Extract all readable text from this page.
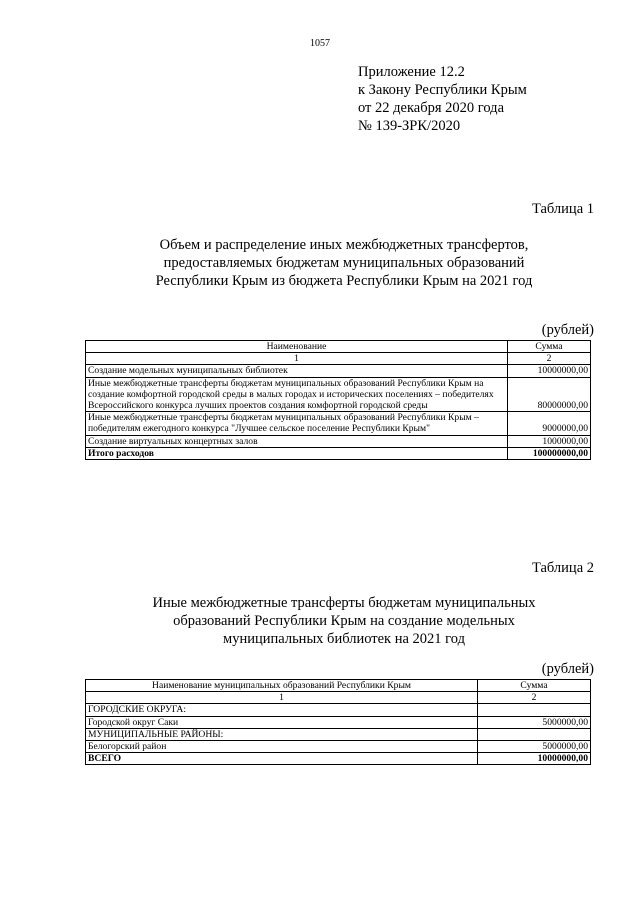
1057
Приложение 12.2
к Закону Республики Крым
от 22 декабря 2020 года
№ 139-ЗРК/2020
Таблица 1
Объем и распределение иных межбюджетных трансфертов,
предоставляемых бюджетам муниципальных образований
Республики Крым из бюджета Республики Крым на 2021 год
(рублей)
Наименование	Сумма
1	2
Создание модельных муниципальных библиотек	10000000,00
Иные межбюджетные трансферты бюджетам муниципальных образований Республики Крым на создание комфортной городской среды в малых городах и исторических поселениях – победителях Всероссийского конкурса лучших проектов создания комфортной городской среды	80000000,00
Иные межбюджетные трансферты бюджетам муниципальных образований Республики Крым – победителям ежегодного конкурса "Лучшее сельское поселение Республики Крым"	9000000,00
Создание виртуальных концертных залов	1000000,00
Итого расходов	100000000,00
Таблица 2
Иные межбюджетные трансферты бюджетам муниципальных
образований Республики Крым на создание модельных
муниципальных библиотек на 2021 год
(рублей)
Наименование муниципальных образований Республики Крым	Сумма
1	2
ГОРОДСКИЕ ОКРУГА:	
Городской округ Саки	5000000,00
МУНИЦИПАЛЬНЫЕ РАЙОНЫ:	
Белогорский район	5000000,00
ВСЕГО	10000000,00
